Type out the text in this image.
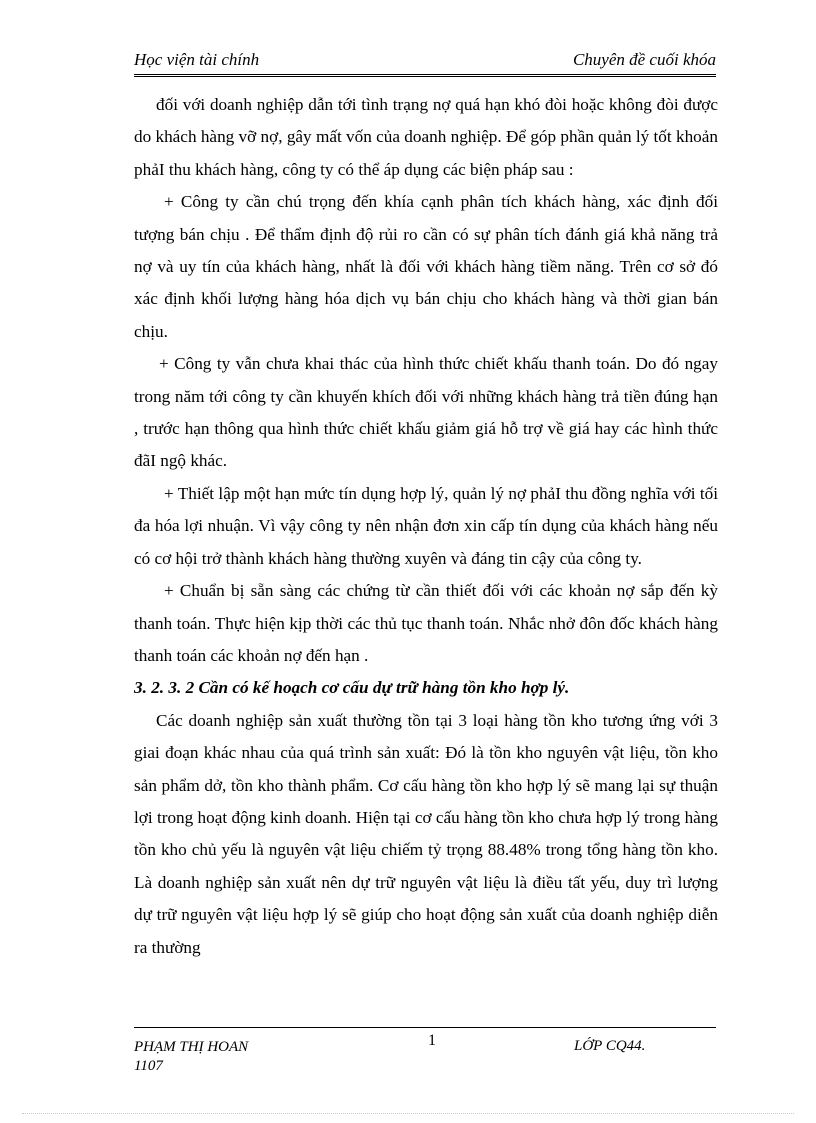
Học viện tài chính	Chuyên đề cuối khóa

đối với doanh nghiệp dẫn tới tình trạng nợ quá hạn khó đòi hoặc không đòi được do khách hàng vỡ nợ, gây mất vốn của doanh nghiệp. Để góp phần quản lý tốt khoản phảI thu khách hàng, công ty có thể áp dụng các biện pháp sau :

+ Công ty cần chú trọng đến khía cạnh phân tích khách hàng, xác định đối tượng bán chịu . Để thẩm định độ rủi ro cần có sự phân tích đánh giá khả năng trả nợ và uy tín của khách hàng, nhất là đối với khách hàng tiềm năng. Trên cơ sở đó xác định khối lượng hàng hóa dịch vụ bán chịu cho khách hàng và thời gian bán chịu.

+ Công ty vẫn chưa khai thác của hình thức chiết khấu thanh toán. Do đó ngay trong năm tới công ty cần khuyến khích đối với những khách hàng trả tiền đúng hạn , trước hạn thông qua hình thức chiết khấu giảm giá hỗ trợ về giá hay các hình thức đãI ngộ khác.

+ Thiết lập một hạn mức tín dụng hợp lý, quản lý nợ phảI thu đồng nghĩa với tối đa hóa lợi nhuận. Vì vậy công ty nên nhận đơn xin cấp tín dụng của khách hàng nếu có cơ hội trở thành khách hàng thường xuyên và đáng tin cậy của công ty.

+ Chuẩn bị sẵn sàng các chứng từ cần thiết đối với các khoản nợ sắp đến kỳ thanh toán. Thực hiện kịp thời các thủ tục thanh toán. Nhắc nhở đôn đốc khách hàng thanh toán các khoản nợ đến hạn .

3. 2. 3. 2 Cần có kế hoạch cơ cấu dự trữ hàng tồn kho hợp lý.

Các doanh nghiệp sản xuất thường tồn tại 3 loại hàng tồn kho tương ứng với 3 giai đoạn khác nhau của quá trình sản xuất: Đó là tồn kho nguyên vật liệu, tồn kho sản phẩm dở, tồn kho thành phẩm. Cơ cấu hàng tồn kho hợp lý sẽ mang lại sự thuận lợi trong hoạt động kinh doanh. Hiện tại cơ cấu hàng tồn kho chưa hợp lý trong hàng tồn kho chủ yếu là nguyên vật liệu chiếm tỷ trọng 88.48% trong tổng hàng tồn kho. Là doanh nghiệp sản xuất nên dự trữ nguyên vật liệu là điều tất yếu, duy trì lượng dự trữ nguyên vật liệu hợp lý sẽ giúp cho hoạt động sản xuất của doanh nghiệp diễn ra thường

PHẠM THỊ HOAN
1107
1	LỚP CQ44.
